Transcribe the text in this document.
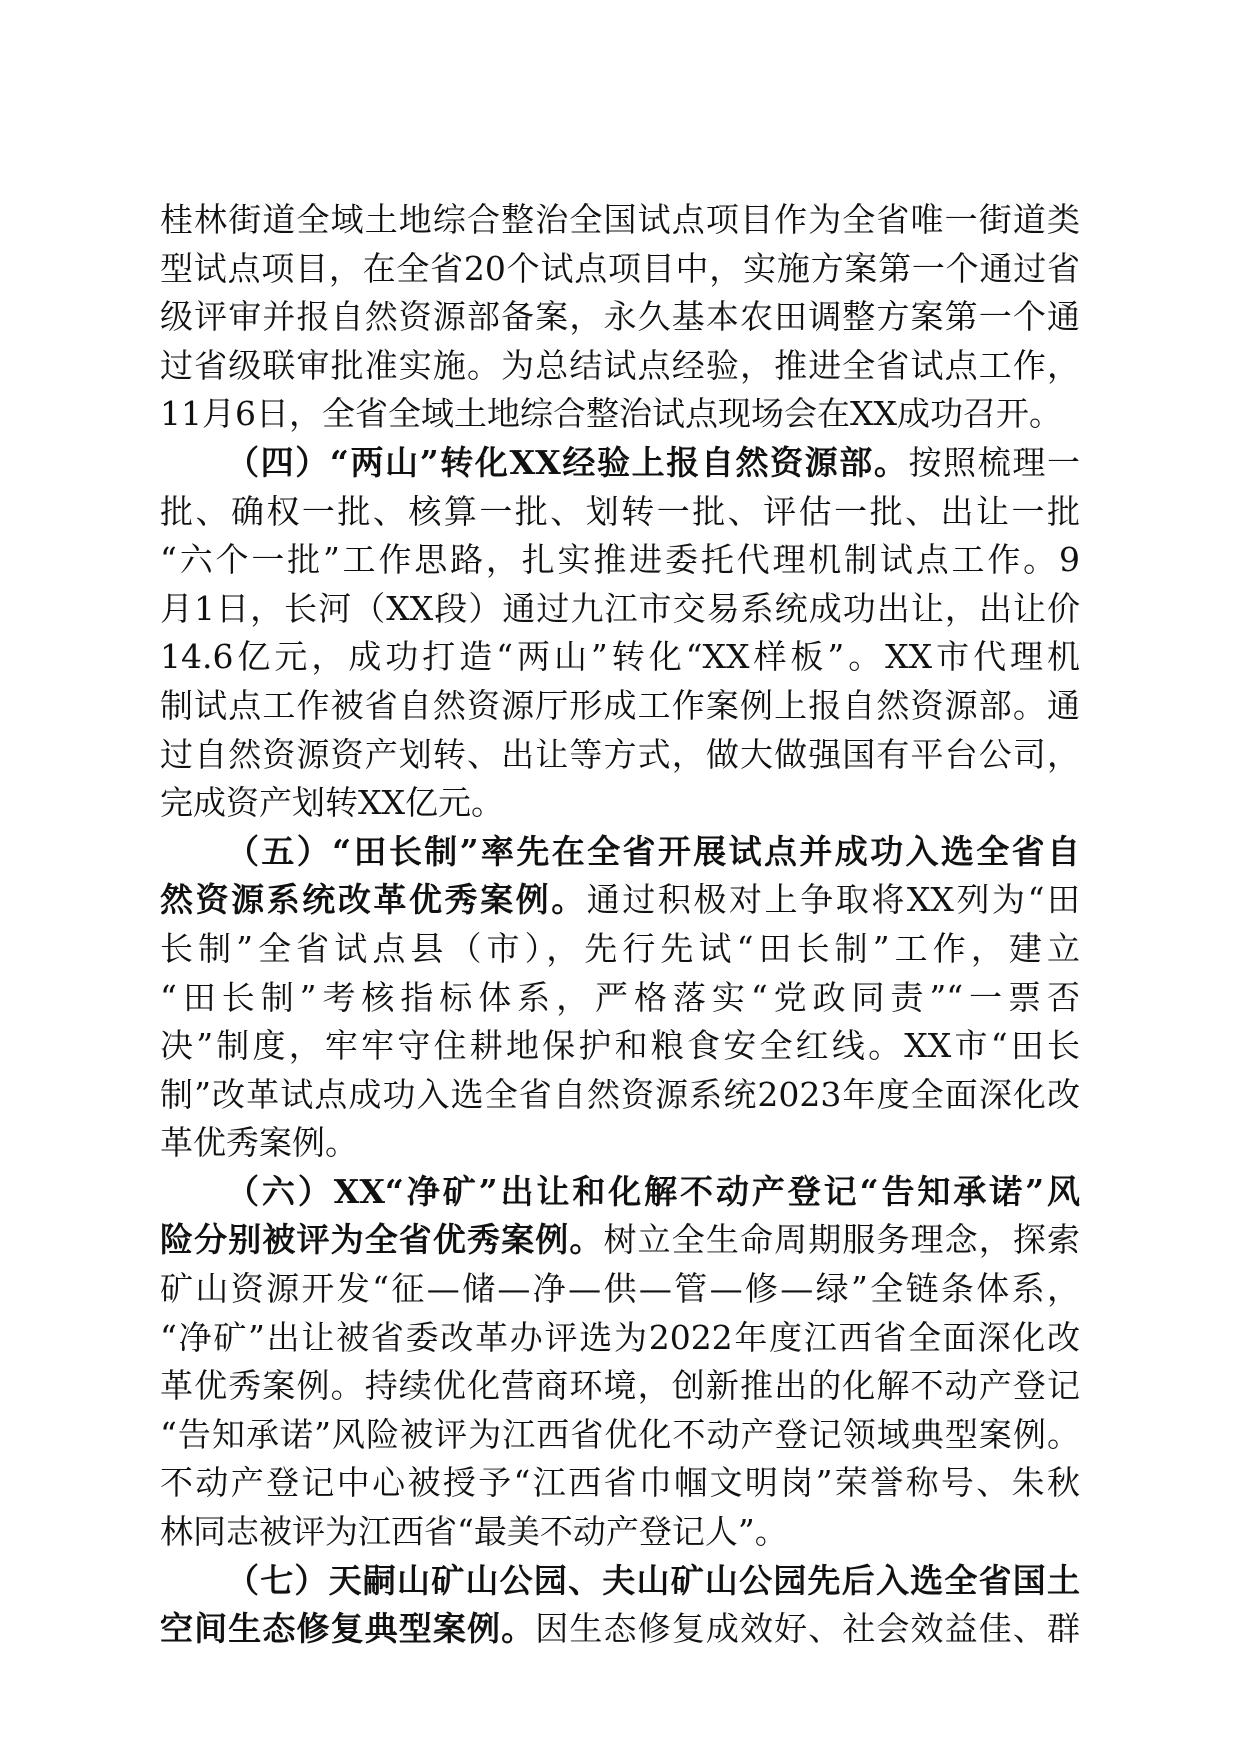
桂林街道全域土地综合整治全国试点项目作为全省唯一街道类
型试点项目，在全省20个试点项目中，实施方案第一个通过省
级评审并报自然资源部备案，永久基本农田调整方案第一个通
过省级联审批准实施。为总结试点经验，推进全省试点工作，
11月6日，全省全域土地综合整治试点现场会在XX成功召开。
（四）“两山”转化XX经验上报自然资源部。按照梳理一
批、确权一批、核算一批、划转一批、评估一批、出让一批
“六个一批”工作思路，扎实推进委托代理机制试点工作。9
月1日，长河（XX段）通过九江市交易系统成功出让，出让价
14.6亿元，成功打造“两山”转化“XX样板”。XX市代理机
制试点工作被省自然资源厅形成工作案例上报自然资源部。通
过自然资源资产划转、出让等方式，做大做强国有平台公司，
完成资产划转XX亿元。
（五）“田长制”率先在全省开展试点并成功入选全省自
然资源系统改革优秀案例。通过积极对上争取将XX列为“田
长制”全省试点县（市），先行先试“田长制”工作，建立
“田长制”考核指标体系，严格落实“党政同责”“一票否
决”制度，牢牢守住耕地保护和粮食安全红线。XX市“田长
制”改革试点成功入选全省自然资源系统2023年度全面深化改
革优秀案例。
（六）XX“净矿”出让和化解不动产登记“告知承诺”风
险分别被评为全省优秀案例。树立全生命周期服务理念，探索
矿山资源开发“征—储—净—供—管—修—绿”全链条体系，
“净矿”出让被省委改革办评选为2022年度江西省全面深化改
革优秀案例。持续优化营商环境，创新推出的化解不动产登记
“告知承诺”风险被评为江西省优化不动产登记领域典型案例。
不动产登记中心被授予“江西省巾帼文明岗”荣誉称号、朱秋
林同志被评为江西省“最美不动产登记人”。
（七）天嗣山矿山公园、夫山矿山公园先后入选全省国土
空间生态修复典型案例。因生态修复成效好、社会效益佳、群
